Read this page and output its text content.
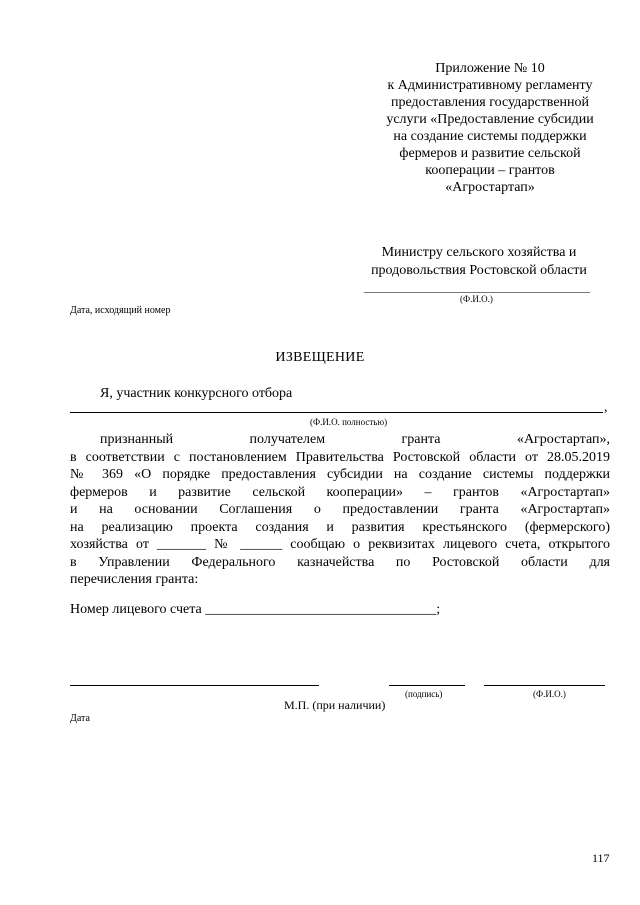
Приложение № 10
к Административному регламенту
предоставления государственной
услуги «Предоставление субсидии
на создание системы поддержки
фермеров и развитие сельской
кооперации – грантов
«Агростартап»
Министру сельского хозяйства и
продовольствия Ростовской области
(Ф.И.О.)
Дата, исходящий номер
ИЗВЕЩЕНИЕ
Я, участник конкурсного отбора
,
(Ф.И.О. полностью)
признанный получателем гранта «Агростартап»,
в соответствии с постановлением Правительства Ростовской области от 28.05.2019
№ 369 «О порядке предоставления субсидии на создание системы поддержки
фермеров и развитие сельской кооперации» – грантов «Агростартап»
и на основании Соглашения о предоставлении гранта «Агростартап»
на реализацию проекта создания и развития крестьянского (фермерского)
хозяйства от _______ № ______ сообщаю о реквизитах лицевого счета, открытого
в Управлении Федерального казначейства по Ростовской области для
перечисления гранта:
Номер лицевого счета _________________________________;
(подпись)	(Ф.И.О.)
М.П. (при наличии)
Дата
117
